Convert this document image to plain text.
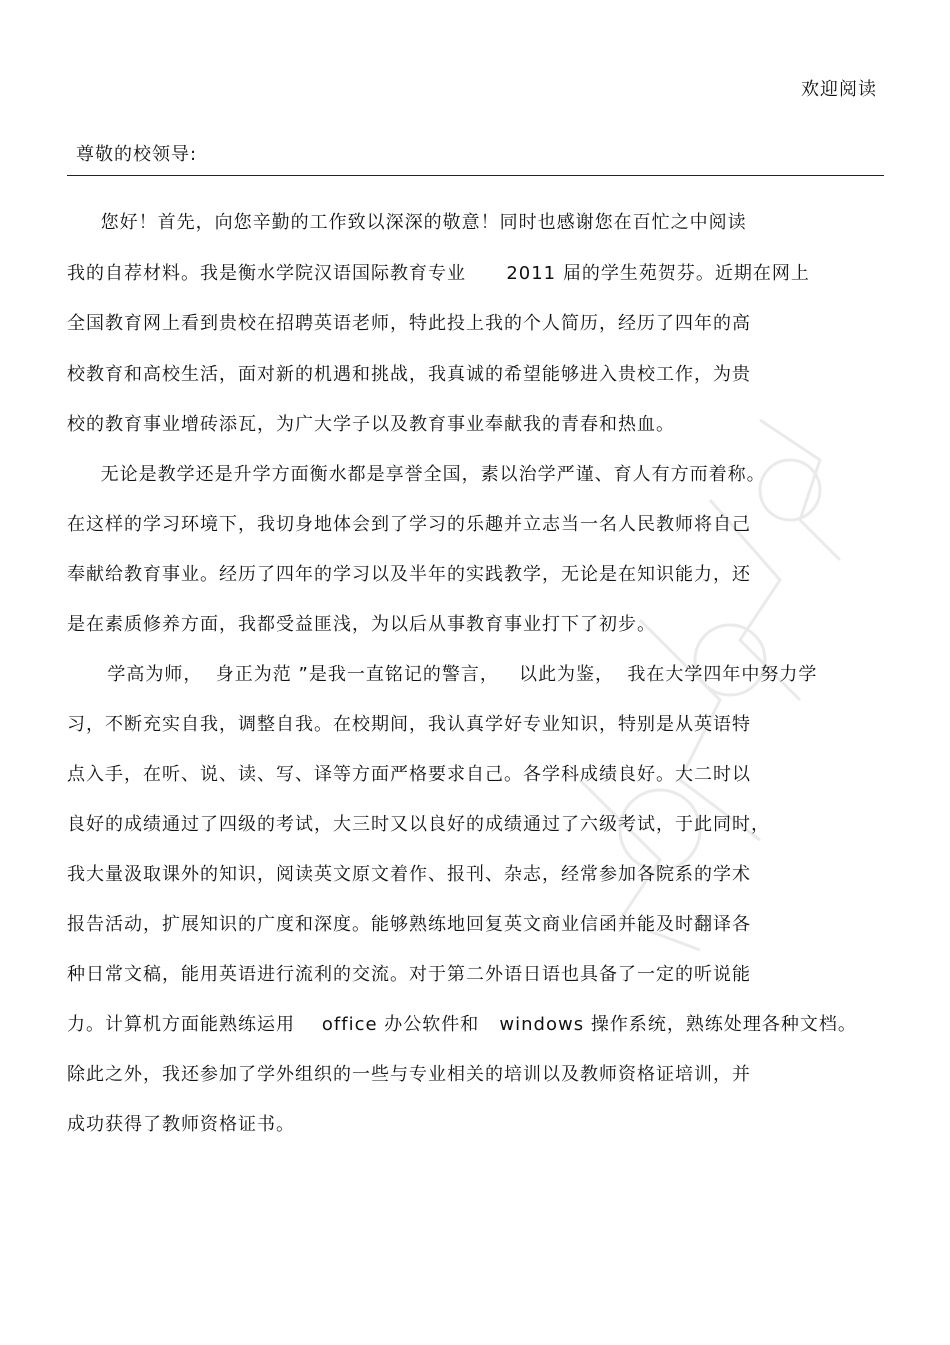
欢迎阅读
尊敬的校领导:
您好！首先，向您辛勤的工作致以深深的敬意！同时也感谢您在百忙之中阅读
我的自荐材料。我是衡水学院汉语国际教育专业      2011 届的学生苑贺芬。近期在网上
全国教育网上看到贵校在招聘英语老师，特此投上我的个人简历，经历了四年的高
校教育和高校生活，面对新的机遇和挑战，我真诚的希望能够进入贵校工作，为贵
校的教育事业增砖添瓦，为广大学子以及教育事业奉献我的青春和热血。
无论是教学还是升学方面衡水都是享誉全国，素以治学严谨、育人有方而着称。
在这样的学习环境下，我切身地体会到了学习的乐趣并立志当一名人民教师将自己
奉献给教育事业。经历了四年的学习以及半年的实践教学，无论是在知识能力，还
是在素质修养方面，我都受益匪浅，为以后从事教育事业打下了初步。
学高为师，  身正为范 ”是我一直铭记的警言，   以此为鉴，  我在大学四年中努力学
习，不断充实自我，调整自我。在校期间，我认真学好专业知识，特别是从英语特
点入手，在听、说、读、写、译等方面严格要求自己。各学科成绩良好。大二时以
良好的成绩通过了四级的考试，大三时又以良好的成绩通过了六级考试，于此同时，
我大量汲取课外的知识，阅读英文原文着作、报刊、杂志，经常参加各院系的学术
报告活动，扩展知识的广度和深度。能够熟练地回复英文商业信函并能及时翻译各
种日常文稿，能用英语进行流利的交流。对于第二外语日语也具备了一定的听说能
力。计算机方面能熟练运用    office 办公软件和   windows 操作系统，熟练处理各种文档。
除此之外，我还参加了学外组织的一些与专业相关的培训以及教师资格证培训，并
成功获得了教师资格证书。
